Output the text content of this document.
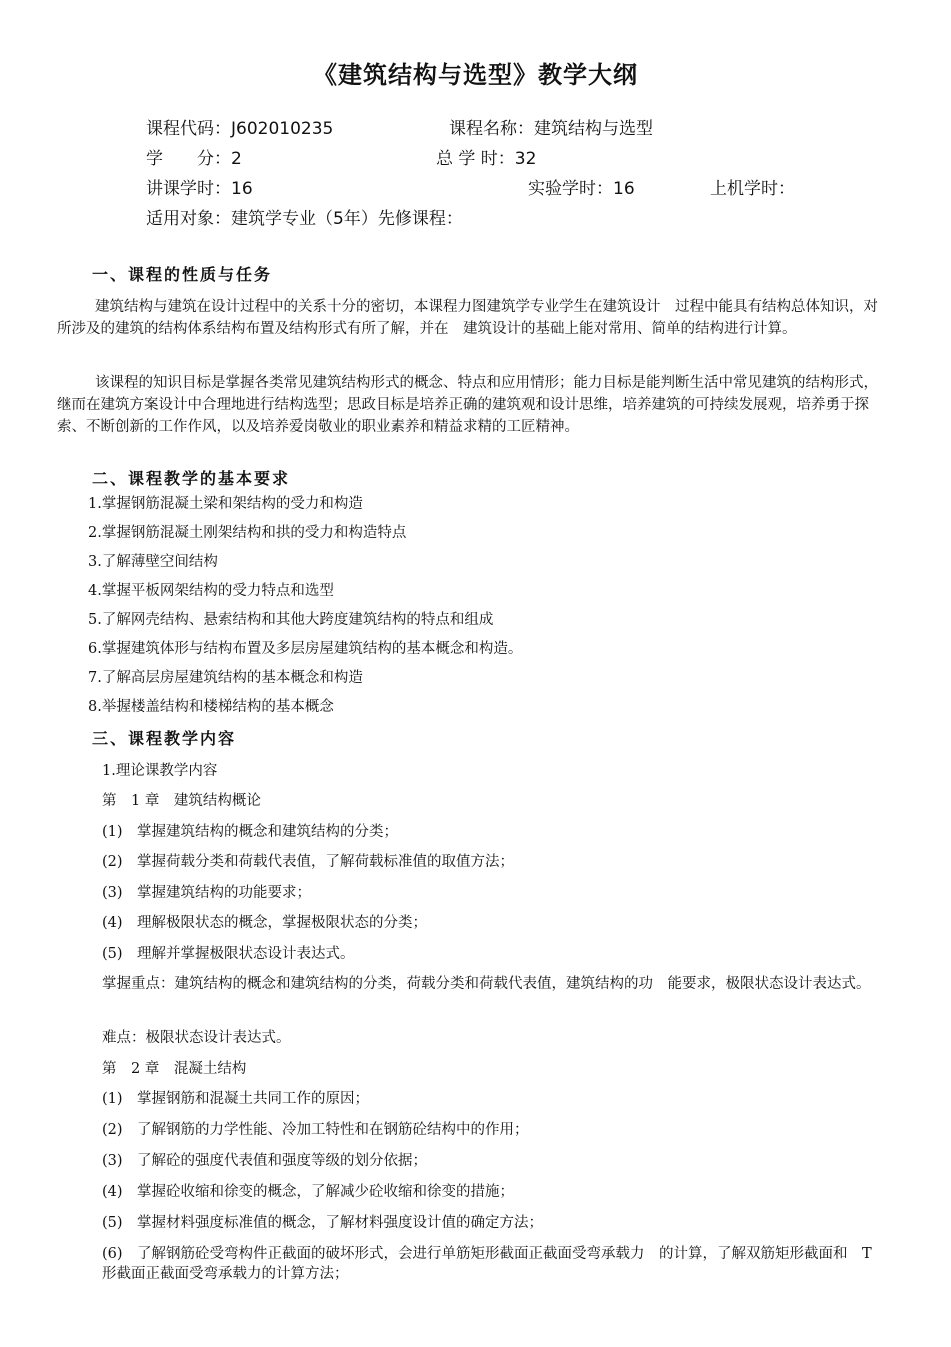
《建筑结构与选型》教学大纲
课程代码：J602010235	课程名称：建筑结构与选型
学　　分：2	总 学 时：32
讲课学时：16	实验学时：16	上机学时：
适用对象：建筑学专业（5年）先修课程：
一、课程的性质与任务
建筑结构与建筑在设计过程中的关系十分的密切，本课程力图建筑学专业学生在建筑设计　过程中能具有结构总体知识，对所涉及的建筑的结构体系结构布置及结构形式有所了解，并在　建筑设计的基础上能对常用、简单的结构进行计算。
该课程的知识目标是掌握各类常见建筑结构形式的概念、特点和应用情形；能力目标是能判断生活中常见建筑的结构形式，继而在建筑方案设计中合理地进行结构选型；思政目标是培养正确的建筑观和设计思维，培养建筑的可持续发展观，培养勇于探索、不断创新的工作作风，以及培养爱岗敬业的职业素养和精益求精的工匠精神。
二、课程教学的基本要求
1.掌握钢筋混凝土梁和架结构的受力和构造
2.掌握钢筋混凝土刚架结构和拱的受力和构造特点
3.了解薄壁空间结构
4.掌握平板网架结构的受力特点和选型
5.了解网壳结构、悬索结构和其他大跨度建筑结构的特点和组成
6.掌握建筑体形与结构布置及多层房屋建筑结构的基本概念和构造。
7.了解高层房屋建筑结构的基本概念和构造
8.举握楼盖结构和楼梯结构的基本概念
三、课程教学内容
1.理论课教学内容
第　1 章　建筑结构概论
(1)　掌握建筑结构的概念和建筑结构的分类；
(2)　掌握荷载分类和荷载代表值，了解荷载标准值的取值方法；
(3)　掌握建筑结构的功能要求；
(4)　理解极限状态的概念，掌握极限状态的分类；
(5)　理解并掌握极限状态设计表达式。
掌握重点：建筑结构的概念和建筑结构的分类，荷载分类和荷载代表值，建筑结构的功　能要求，极限状态设计表达式。
难点：极限状态设计表达式。
第　2 章　混凝土结构
(1)　掌握钢筋和混凝土共同工作的原因；
(2)　了解钢筋的力学性能、冷加工特性和在钢筋砼结构中的作用；
(3)　了解砼的强度代表值和强度等级的划分依据；
(4)　掌握砼收缩和徐变的概念，了解减少砼收缩和徐变的措施；
(5)　掌握材料强度标准值的概念，了解材料强度设计值的确定方法；
(6)　了解钢筋砼受弯构件正截面的破坏形式，会进行单筋矩形截面正截面受弯承载力　的计算，了解双筋矩形截面和　T　形截面正截面受弯承载力的计算方法；
